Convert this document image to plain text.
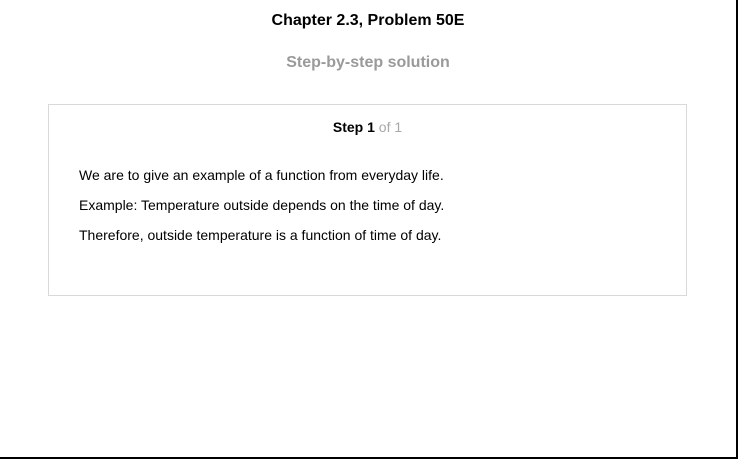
Chapter 2.3, Problem 50E
Step-by-step solution
Step 1 of 1

We are to give an example of a function from everyday life.

Example: Temperature outside depends on the time of day.

Therefore, outside temperature is a function of time of day.
